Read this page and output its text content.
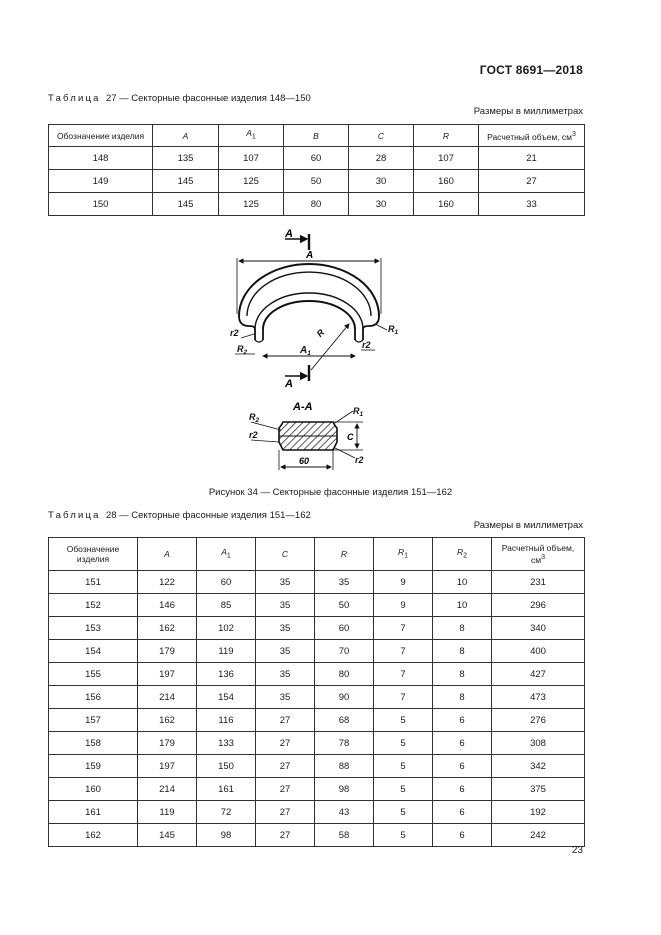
ГОСТ 8691—2018
Таблица 27 — Секторные фасонные изделия 148—150
Размеры в миллиметрах
Обозначение изделия	A	$A_1$	B	C	R	Расчетный объем, $см^3$
148	135	107	60	28	107	21
149	145	125	50	30	160	27
150	145	125	80	30	160	33
A
A
r2
$R_2$
$R_1$
r2
R
$A_1$
A
A-A
C
60
$R_2$
r2
$R_1$
r2
Рисунок 34 — Секторные фасонные изделия 151—162
Таблица 28 — Секторные фасонные изделия 151—162
Размеры в миллиметрах
Обозначение изделия	A	$A_1$	C	R	$R_1$	$R_2$	Расчетный объем, $см^3$
151	122	60	35	35	9	10	231
152	146	85	35	50	9	10	296
153	162	102	35	60	7	8	340
154	179	119	35	70	7	8	400
155	197	136	35	80	7	8	427
156	214	154	35	90	7	8	473
157	162	116	27	68	5	6	276
158	179	133	27	78	5	6	308
159	197	150	27	88	5	6	342
160	214	161	27	98	5	6	375
161	119	72	27	43	5	6	192
162	145	98	27	58	5	6	242
23
